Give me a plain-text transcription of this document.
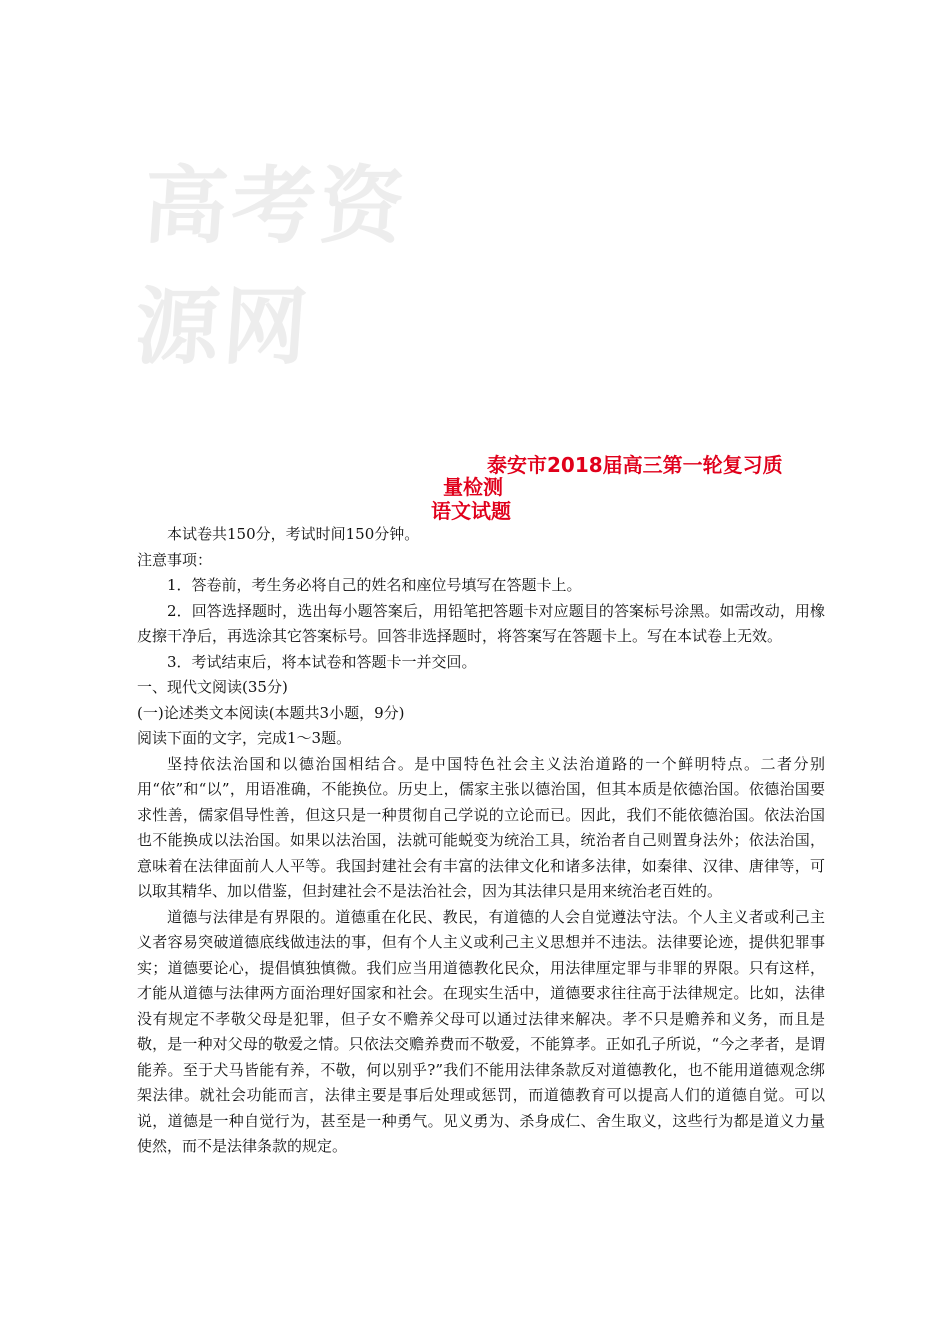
高考资源网
泰安市2018届高三第一轮复习质
量检测
语文试题

本试卷共150分，考试时间150分钟。

注意事项：

1．答卷前，考生务必将自己的姓名和座位号填写在答题卡上。

2．回答选择题时，选出每小题答案后，用铅笔把答题卡对应题目的答案标号涂黑。如需改动，用橡皮擦干净后，再选涂其它答案标号。回答非选择题时，将答案写在答题卡上。写在本试卷上无效。

3．考试结束后，将本试卷和答题卡一并交回。

一、现代文阅读(35分)

(一)论述类文本阅读(本题共3小题，9分)

阅读下面的文字，完成1～3题。

坚持依法治国和以德治国相结合。是中国特色社会主义法治道路的一个鲜明特点。二者分别用“依”和“以”，用语准确，不能换位。历史上，儒家主张以德治国，但其本质是依德治国。依德治国要求性善，儒家倡导性善，但这只是一种贯彻自己学说的立论而已。因此，我们不能依德治国。依法治国也不能换成以法治国。如果以法治国，法就可能蜕变为统治工具，统治者自己则置身法外；依法治国，意味着在法律面前人人平等。我国封建社会有丰富的法律文化和诸多法律，如秦律、汉律、唐律等，可以取其精华、加以借鉴，但封建社会不是法治社会，因为其法律只是用来统治老百姓的。

道德与法律是有界限的。道德重在化民、教民，有道德的人会自觉遵法守法。个人主义者或利己主义者容易突破道德底线做违法的事，但有个人主义或利己主义思想并不违法。法律要论迹，提供犯罪事实；道德要论心，提倡慎独慎微。我们应当用道德教化民众，用法律厘定罪与非罪的界限。只有这样，才能从道德与法律两方面治理好国家和社会。在现实生活中，道德要求往往高于法律规定。比如，法律没有规定不孝敬父母是犯罪，但子女不赡养父母可以通过法律来解决。孝不只是赡养和义务，而且是敬，是一种对父母的敬爱之情。只依法交赡养费而不敬爱，不能算孝。正如孔子所说，“今之孝者，是谓能养。至于犬马皆能有养，不敬，何以别乎?”我们不能用法律条款反对道德教化，也不能用道德观念绑架法律。就社会功能而言，法律主要是事后处理或惩罚，而道德教育可以提高人们的道德自觉。可以说，道德是一种自觉行为，甚至是一种勇气。见义勇为、杀身成仁、舍生取义，这些行为都是道义力量使然，而不是法律条款的规定。
